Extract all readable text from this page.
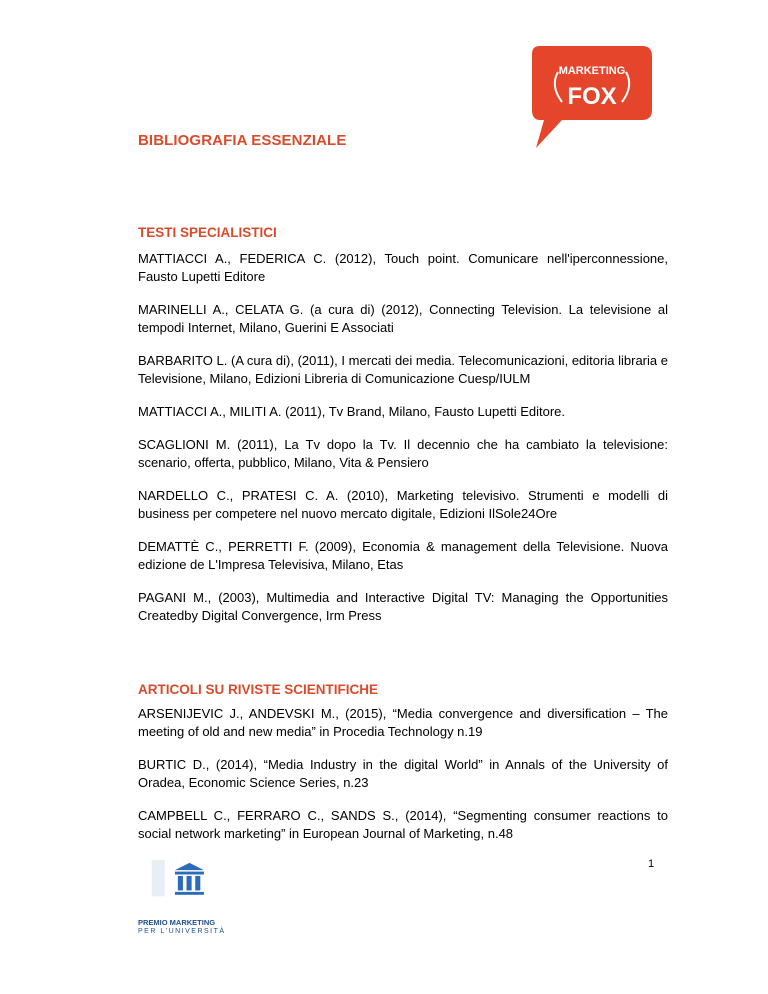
MARKETING
FOX
BIBLIOGRAFIA ESSENZIALE
TESTI SPECIALISTICI
MATTIACCI A., FEDERICA C. (2012), Touch point. Comunicare nell'iperconnessione, Fausto Lupetti Editore
MARINELLI A., CELATA G. (a cura di) (2012), Connecting Television. La televisione al tempodi Internet, Milano, Guerini E Associati
BARBARITO L. (A cura di), (2011), I mercati dei media. Telecomunicazioni, editoria libraria e Televisione, Milano, Edizioni Libreria di Comunicazione Cuesp/IULM
MATTIACCI A., MILITI A. (2011), Tv Brand, Milano, Fausto Lupetti Editore.
SCAGLIONI M. (2011), La Tv dopo la Tv. Il decennio che ha cambiato la televisione: scenario, offerta, pubblico, Milano, Vita & Pensiero
NARDELLO C., PRATESI C. A. (2010), Marketing televisivo. Strumenti e modelli di business per competere nel nuovo mercato digitale, Edizioni IlSole24Ore
DEMATTÈ C., PERRETTI F. (2009), Economia & management della Televisione. Nuova edizione de L'Impresa Televisiva, Milano, Etas
PAGANI M., (2003), Multimedia and Interactive Digital TV: Managing the Opportunities Createdby Digital Convergence, Irm Press
ARTICOLI SU RIVISTE SCIENTIFICHE
ARSENIJEVIC J., ANDEVSKI M., (2015), “Media convergence and diversification – The meeting of old and new media” in Procedia Technology n.19
BURTIC D., (2014), “Media Industry in the digital World” in Annals of the University of Oradea, Economic Science Series, n.23
CAMPBELL C., FERRARO C., SANDS S., (2014), “Segmenting consumer reactions to social network marketing” in European Journal of Marketing, n.48
1
PREMIO MARKETING
PER L'UNIVERSITÀ
